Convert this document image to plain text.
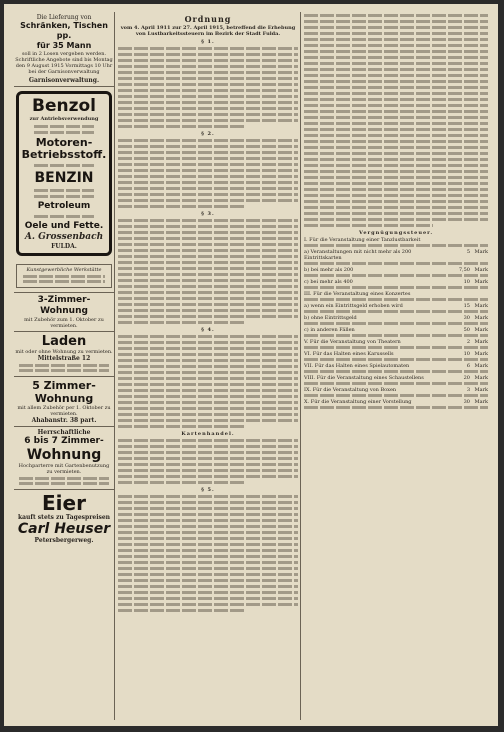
Die Lieferung von

Schränken, Tischen pp.

für 35 Mann

soll in 2 Losen vergeben werden. Schriftliche Angebote sind bis Montag den 9 August 1915 Vormittags 10 Uhr bei der Garnisonverwaltung

Garnisonverwaltung.

Benzol

zur Antriebsverwendung

Motoren-

Betriebsstoff.

BENZIN

Petroleum

Oele und Fette.

A. Grossenbach

FULDA.

Kunstgewerbliche Werkstätte

3-Zimmer-Wohnung

mit Zubehör zum 1. Oktober zu vermieten.

Laden

mit oder ohne Wohnung zu vermieten.

Mittelstraße 12

5 Zimmer-Wohnung

mit allem Zubehör per 1. Oktober zu vermieten.

Ahabanstr. 38 part.

Herrschaftliche

6 bis 7 Zimmer-

Wohnung

Hochparterre mit Gartenbenutzung zu vermieten.

Eier

kauft stets zu Tagespreisen

Carl Heuser

Petersbergerweg.

Ordnung
vom 4. April 1911 zur 27. April 1915, betreffend die Erhebung von Lustbarkeitssteuern im Bezirk der Stadt Fulda.
§ 1.
§ 2.
§ 3.
§ 4.
Kartenhandel.
§ 5.
Vergnügungssteuer.
I. Für die Veranstaltung einer Tanzlustbarkeit
a) Veranstaltungen mit nicht mehr als 200 Eintrittskarten
5 Mark
b) bei mehr als 200	7,50 Mark
c) bei mehr als 400	10 Mark
III. Für die Veranstaltung eines Konzertes
a) wenn ein Eintrittsgeld erhoben wird	15 Mark
b) ohne Eintrittsgeld	30 Mark
c) in anderen Fällen	50 Mark
V. Für die Veranstaltung von Theatern	2 Mark
VI. Für das Halten eines Karussells	10 Mark
VII. Für das Halten eines Spielautomaten	6 Mark
VIII. Für die Veranstaltung eines Schaustellens	20 Mark
IX. Für die Veranstaltung von Boxen	3 Mark
X. Für die Veranstaltung einer Vorstellung	30 Mark
